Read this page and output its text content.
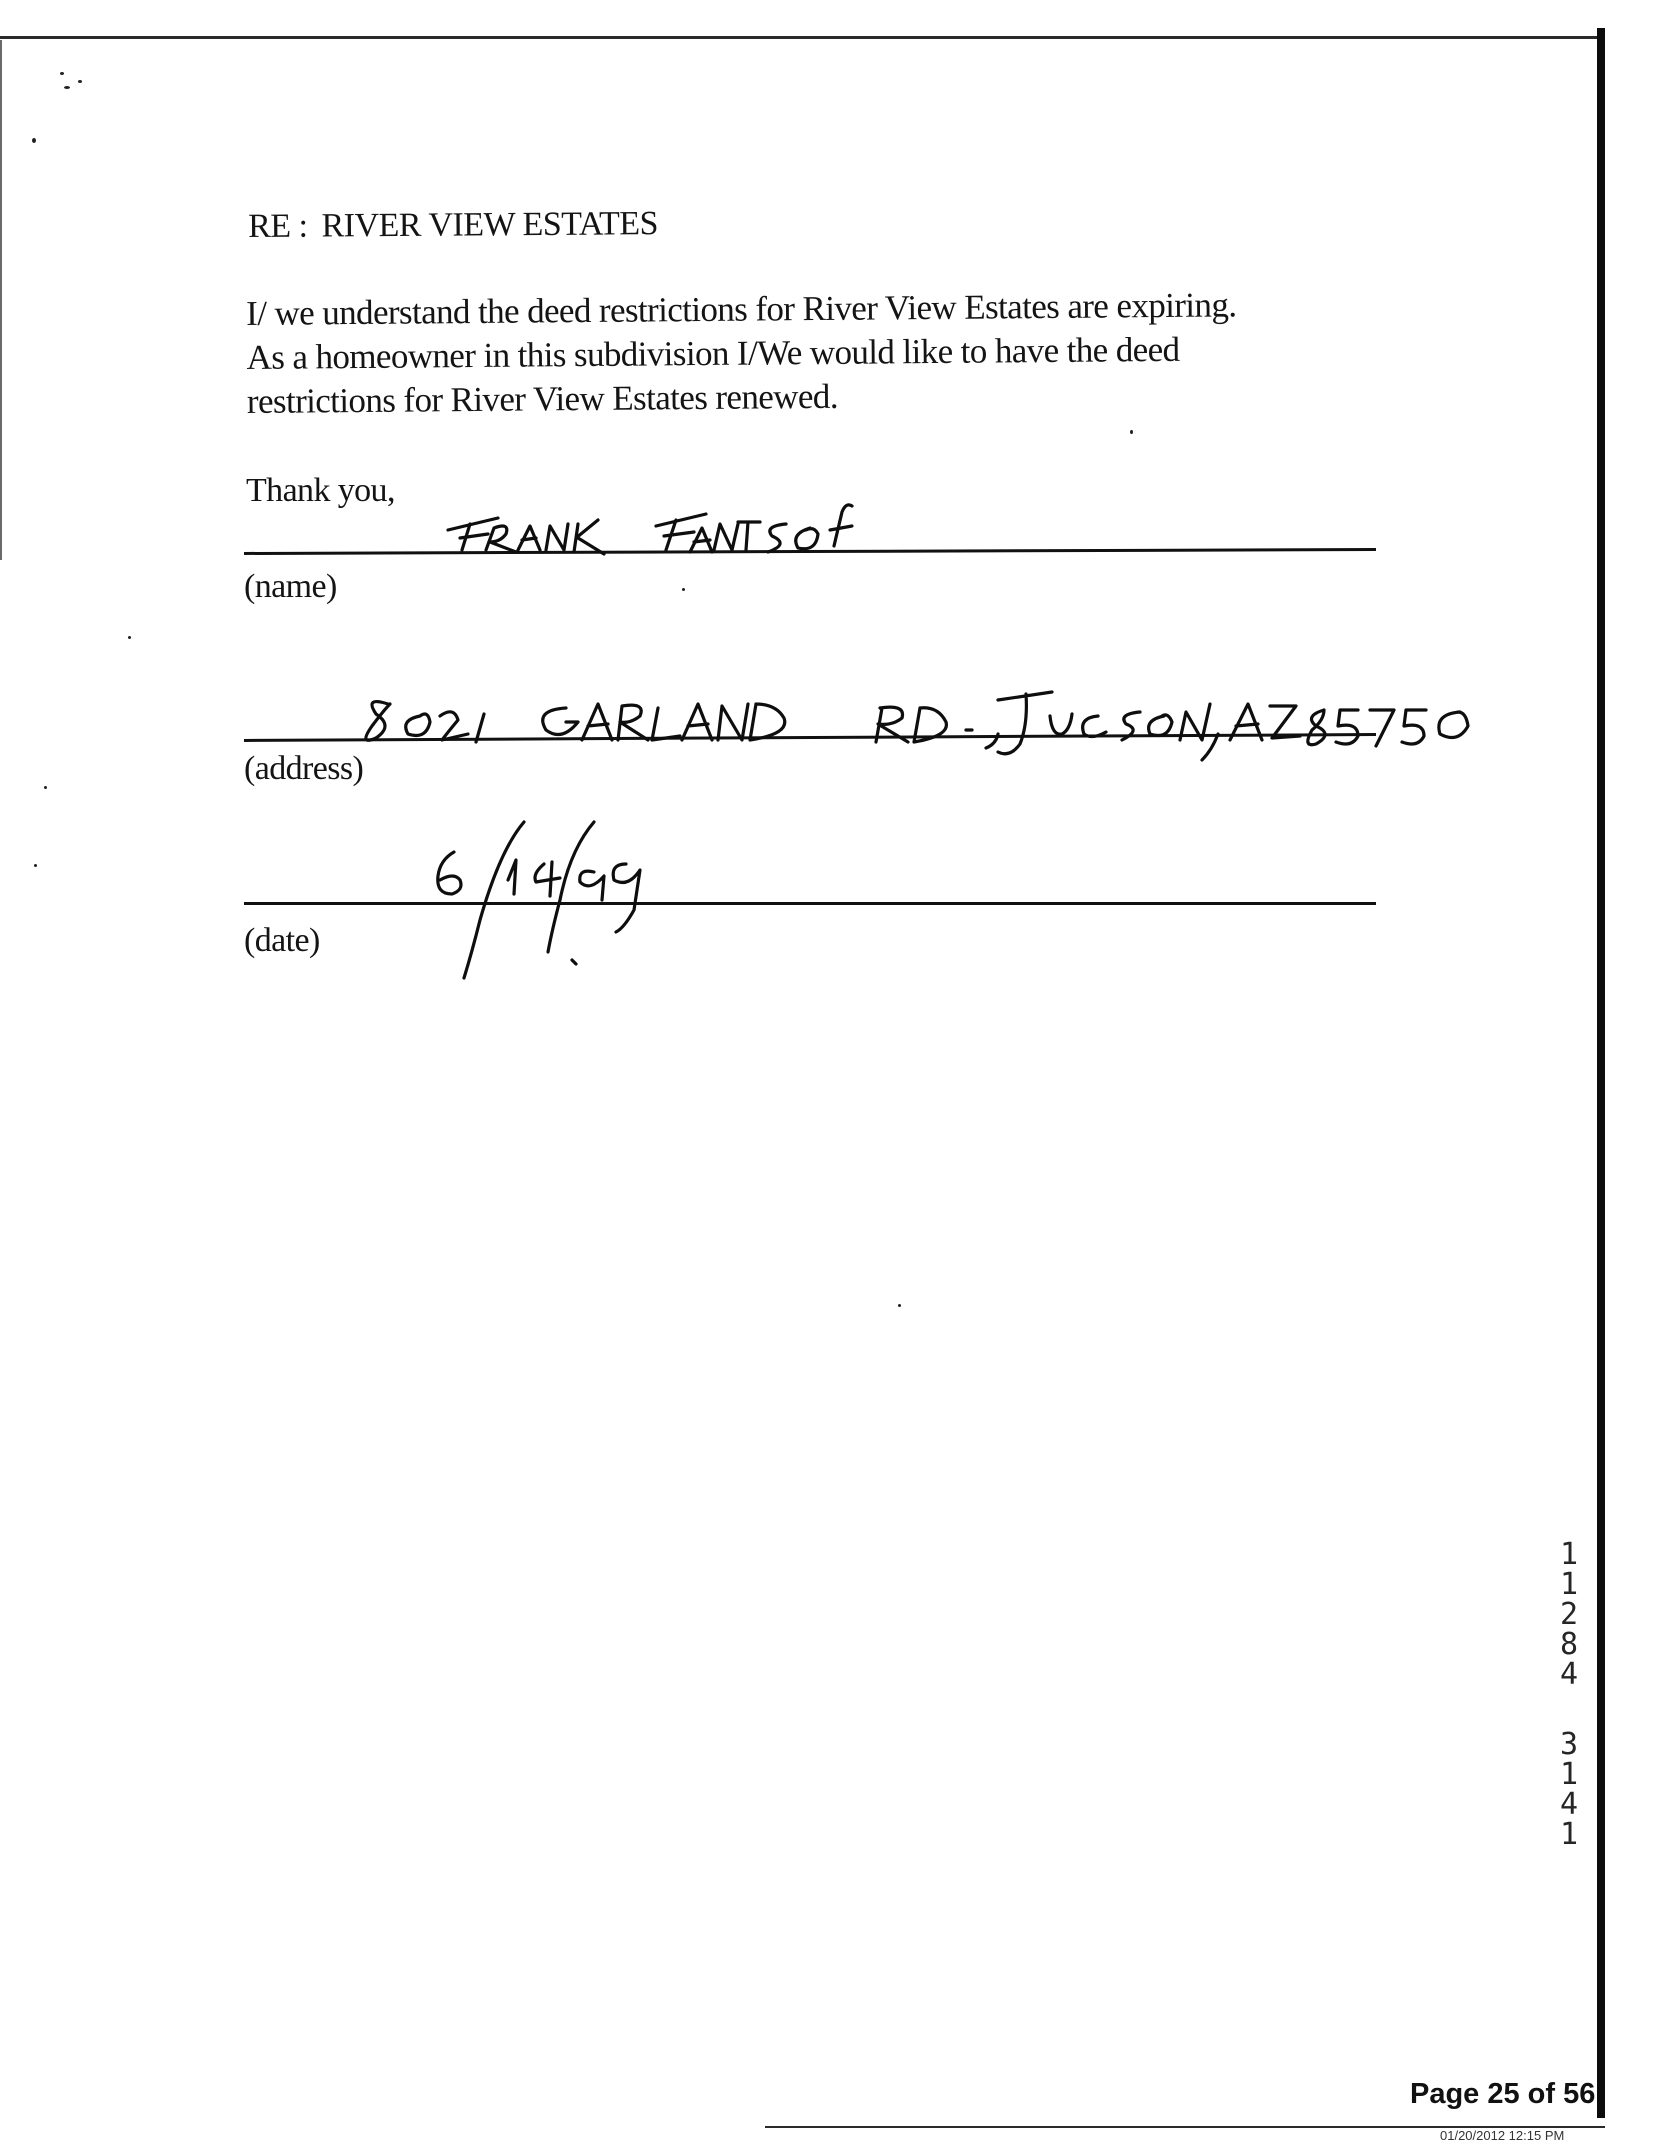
RE : RIVER VIEW ESTATES
I/ we understand the deed restrictions for River View Estates are expiring.
As a homeowner in this subdivision I/We would like to have the deed
restrictions for River View Estates renewed.
Thank you,
(name)
(address)
(date)
1
1
2
8
4
3
1
4
1
Page 25 of 56
01/20/2012 12:15 PM
